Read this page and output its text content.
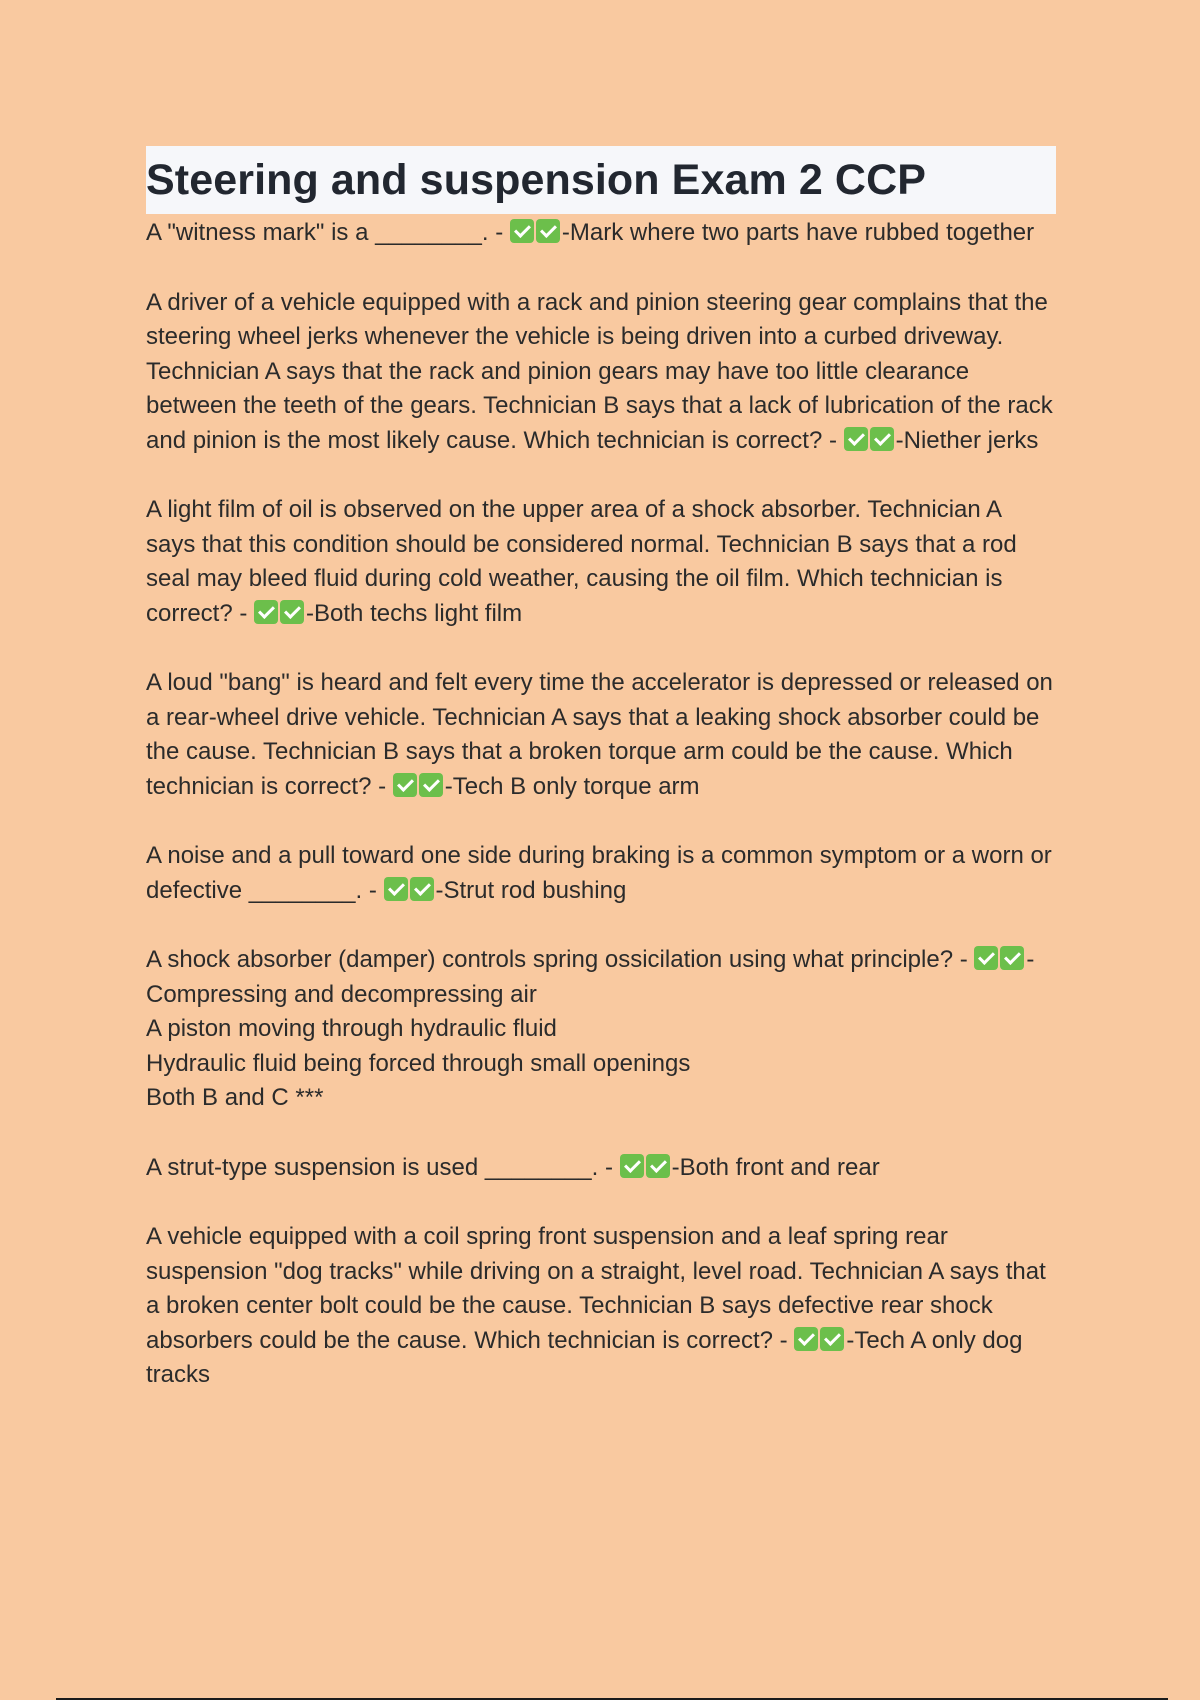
Steering and suspension Exam 2 CCP

A "witness mark" is a ________. - -Mark where two parts have rubbed together

A driver of a vehicle equipped with a rack and pinion steering gear complains that the steering wheel jerks whenever the vehicle is being driven into a curbed driveway. Technician A says that the rack and pinion gears may have too little clearance between the teeth of the gears. Technician B says that a lack of lubrication of the rack and pinion is the most likely cause. Which technician is correct? - -Niether jerks

A light film of oil is observed on the upper area of a shock absorber. Technician A says that this condition should be considered normal. Technician B says that a rod seal may bleed fluid during cold weather, causing the oil film. Which technician is correct? - -Both techs light film

A loud "bang" is heard and felt every time the accelerator is depressed or released on a rear-wheel drive vehicle. Technician A says that a leaking shock absorber could be the cause. Technician B says that a broken torque arm could be the cause. Which technician is correct? - -Tech B only torque arm

A noise and a pull toward one side during braking is a common symptom or a worn or defective ________. - -Strut rod bushing

A shock absorber (damper) controls spring ossicilation using what principle? - -Compressing and decompressing air
A piston moving through hydraulic fluid
Hydraulic fluid being forced through small openings
Both B and C ***

A strut-type suspension is used ________. - -Both front and rear

A vehicle equipped with a coil spring front suspension and a leaf spring rear suspension "dog tracks" while driving on a straight, level road. Technician A says that a broken center bolt could be the cause. Technician B says defective rear shock absorbers could be the cause. Which technician is correct? - -Tech A only dog tracks
